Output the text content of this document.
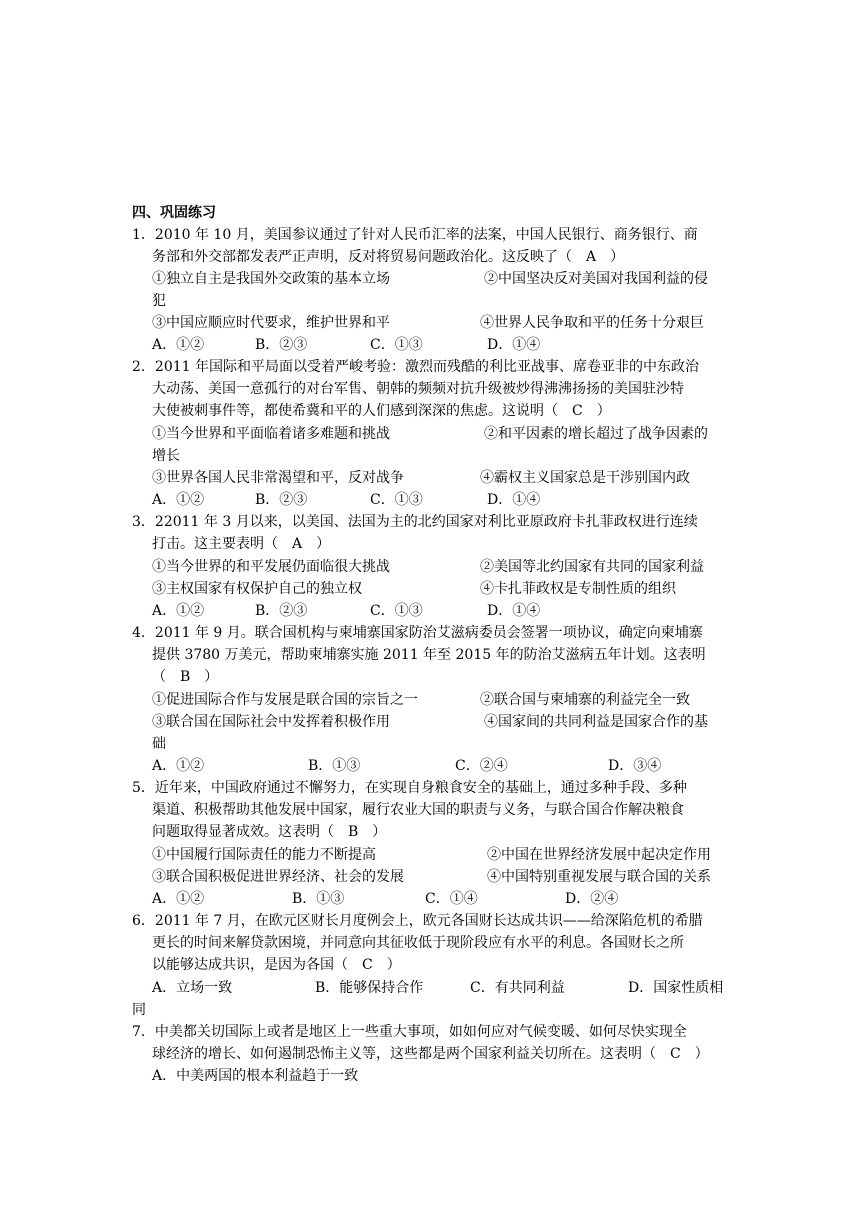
四、巩固练习
1．2010 年 10 月，美国参议通过了针对人民币汇率的法案，中国人民银行、商务银行、商
务部和外交部都发表严正声明，反对将贸易问题政治化。这反映了（　A　）
①独立自主是我国外交政策的基本立场	②中国坚决反对美国对我国利益的侵
犯
③中国应顺应时代要求，维护世界和平	④世界人民争取和平的任务十分艰巨
A．①②	B．②③	C．①③	D．①④
2．2011 年国际和平局面以受着严峻考验：激烈而残酷的利比亚战事、席卷亚非的中东政治
大动荡、美国一意孤行的对台军售、朝韩的频频对抗升级被炒得沸沸扬扬的美国驻沙特
大使被刺事件等，都使希冀和平的人们感到深深的焦虑。这说明（　C　）
①当今世界和平面临着诸多难题和挑战	②和平因素的增长超过了战争因素的
增长
③世界各国人民非常渴望和平，反对战争	④霸权主义国家总是干涉别国内政
A．①②	B．②③	C．①③	D．①④
3．22011 年 3 月以来，以美国、法国为主的北约国家对利比亚原政府卡扎菲政权进行连续
打击。这主要表明（　A　）
①当今世界的和平发展仍面临很大挑战	②美国等北约国家有共同的国家利益
③主权国家有权保护自己的独立权	④卡扎菲政权是专制性质的组织
A．①②	B．②③	C．①③	D．①④
4．2011 年 9 月。联合国机构与柬埔寨国家防治艾滋病委员会签署一项协议，确定向柬埔寨
提供 3780 万美元，帮助柬埔寨实施 2011 年至 2015 年的防治艾滋病五年计划。这表明
（　B　）
①促进国际合作与发展是联合国的宗旨之一	②联合国与柬埔寨的利益完全一致
③联合国在国际社会中发挥着积极作用	④国家间的共同利益是国家合作的基
础
A．①②	B．①③	C．②④	D．③④
5．近年来，中国政府通过不懈努力，在实现自身粮食安全的基础上，通过多种手段、多种
渠道、积极帮助其他发展中国家，履行农业大国的职责与义务，与联合国合作解决粮食
问题取得显著成效。这表明（　B　）
①中国履行国际责任的能力不断提高	②中国在世界经济发展中起决定作用
③联合国积极促进世界经济、社会的发展	④中国特别重视发展与联合国的关系
A．①②	B．①③	C．①④	D．②④
6．2011 年 7 月，在欧元区财长月度例会上，欧元各国财长达成共识——给深陷危机的希腊
更长的时间来解贷款困境，并同意向其征收低于现阶段应有水平的利息。各国财长之所
以能够达成共识，是因为各国（　C　）
A．立场一致	B．能够保持合作	C．有共同利益	D．国家性质相
同
7．中美都关切国际上或者是地区上一些重大事项，如如何应对气候变暖、如何尽快实现全
球经济的增长、如何遏制恐怖主义等，这些都是两个国家利益关切所在。这表明（　C　）
A．中美两国的根本利益趋于一致
